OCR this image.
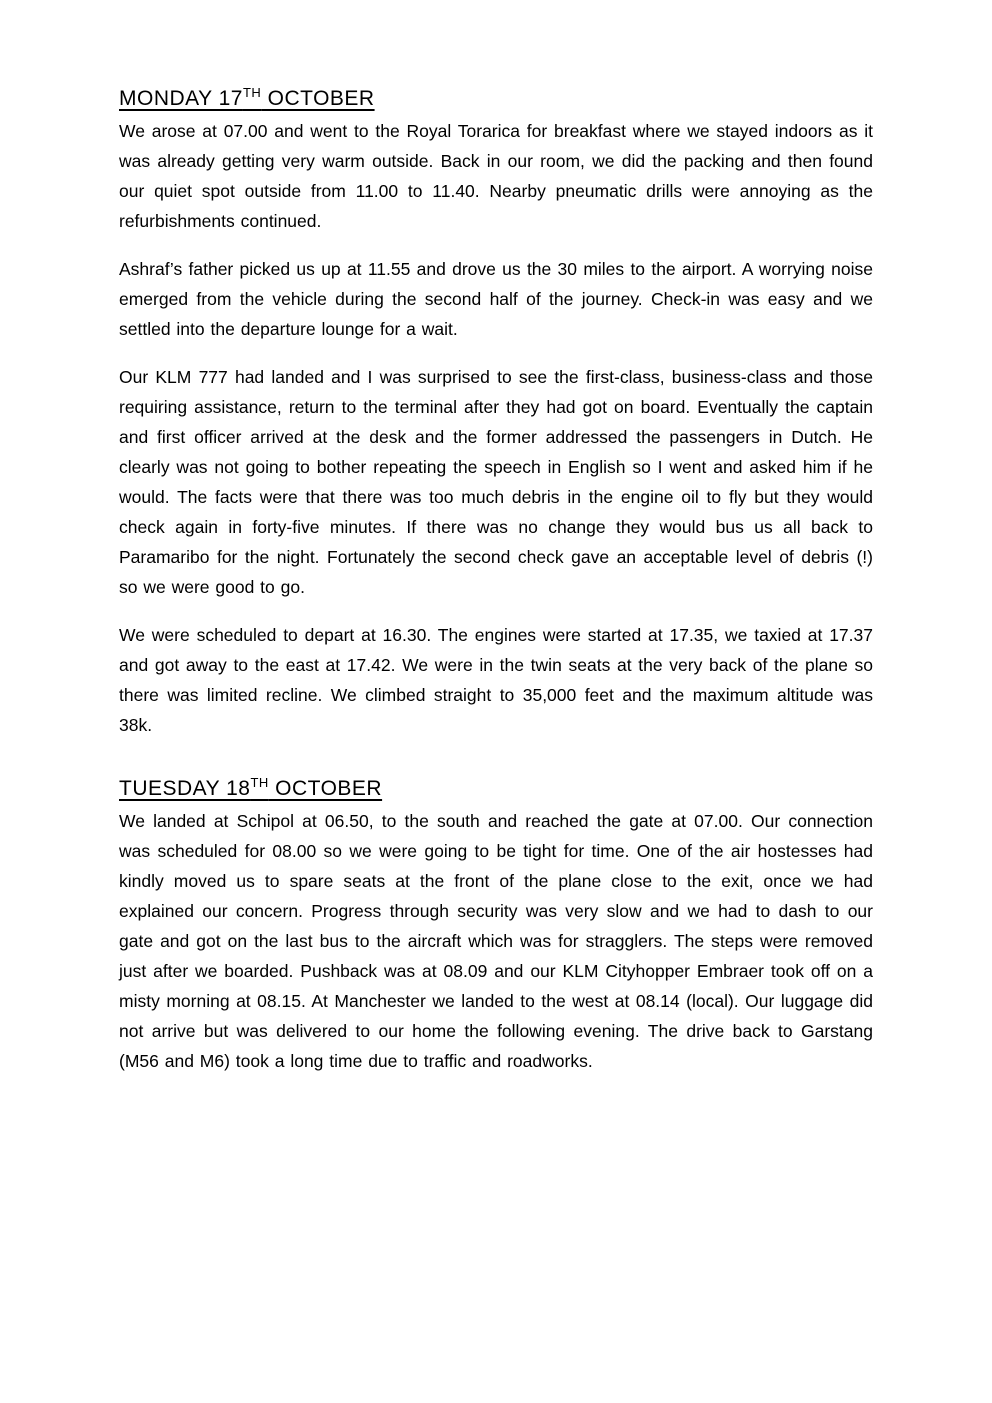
MONDAY 17TH OCTOBER

We arose at 07.00 and went to the Royal Torarica for breakfast where we stayed indoors as it was already getting very warm outside. Back in our room, we did the packing and then found our quiet spot outside from 11.00 to 11.40. Nearby pneumatic drills were annoying as the refurbishments continued.

Ashraf’s father picked us up at 11.55 and drove us the 30 miles to the airport. A worrying noise emerged from the vehicle during the second half of the journey. Check-in was easy and we settled into the departure lounge for a wait.

Our KLM 777 had landed and I was surprised to see the first-class, business-class and those requiring assistance, return to the terminal after they had got on board. Eventually the captain and first officer arrived at the desk and the former addressed the passengers in Dutch. He clearly was not going to bother repeating the speech in English so I went and asked him if he would. The facts were that there was too much debris in the engine oil to fly but they would check again in forty-five minutes. If there was no change they would bus us all back to Paramaribo for the night. Fortunately the second check gave an acceptable level of debris (!) so we were good to go.

We were scheduled to depart at 16.30. The engines were started at 17.35, we taxied at 17.37 and got away to the east at 17.42. We were in the twin seats at the very back of the plane so there was limited recline. We climbed straight to 35,000 feet and the maximum altitude was 38k.

TUESDAY 18TH OCTOBER

We landed at Schipol at 06.50, to the south and reached the gate at 07.00. Our connection was scheduled for 08.00 so we were going to be tight for time. One of the air hostesses had kindly moved us to spare seats at the front of the plane close to the exit, once we had explained our concern. Progress through security was very slow and we had to dash to our gate and got on the last bus to the aircraft which was for stragglers. The steps were removed just after we boarded. Pushback was at 08.09 and our KLM Cityhopper Embraer took off on a misty morning at 08.15. At Manchester we landed to the west at 08.14 (local). Our luggage did not arrive but was delivered to our home the following evening. The drive back to Garstang (M56 and M6) took a long time due to traffic and roadworks.
